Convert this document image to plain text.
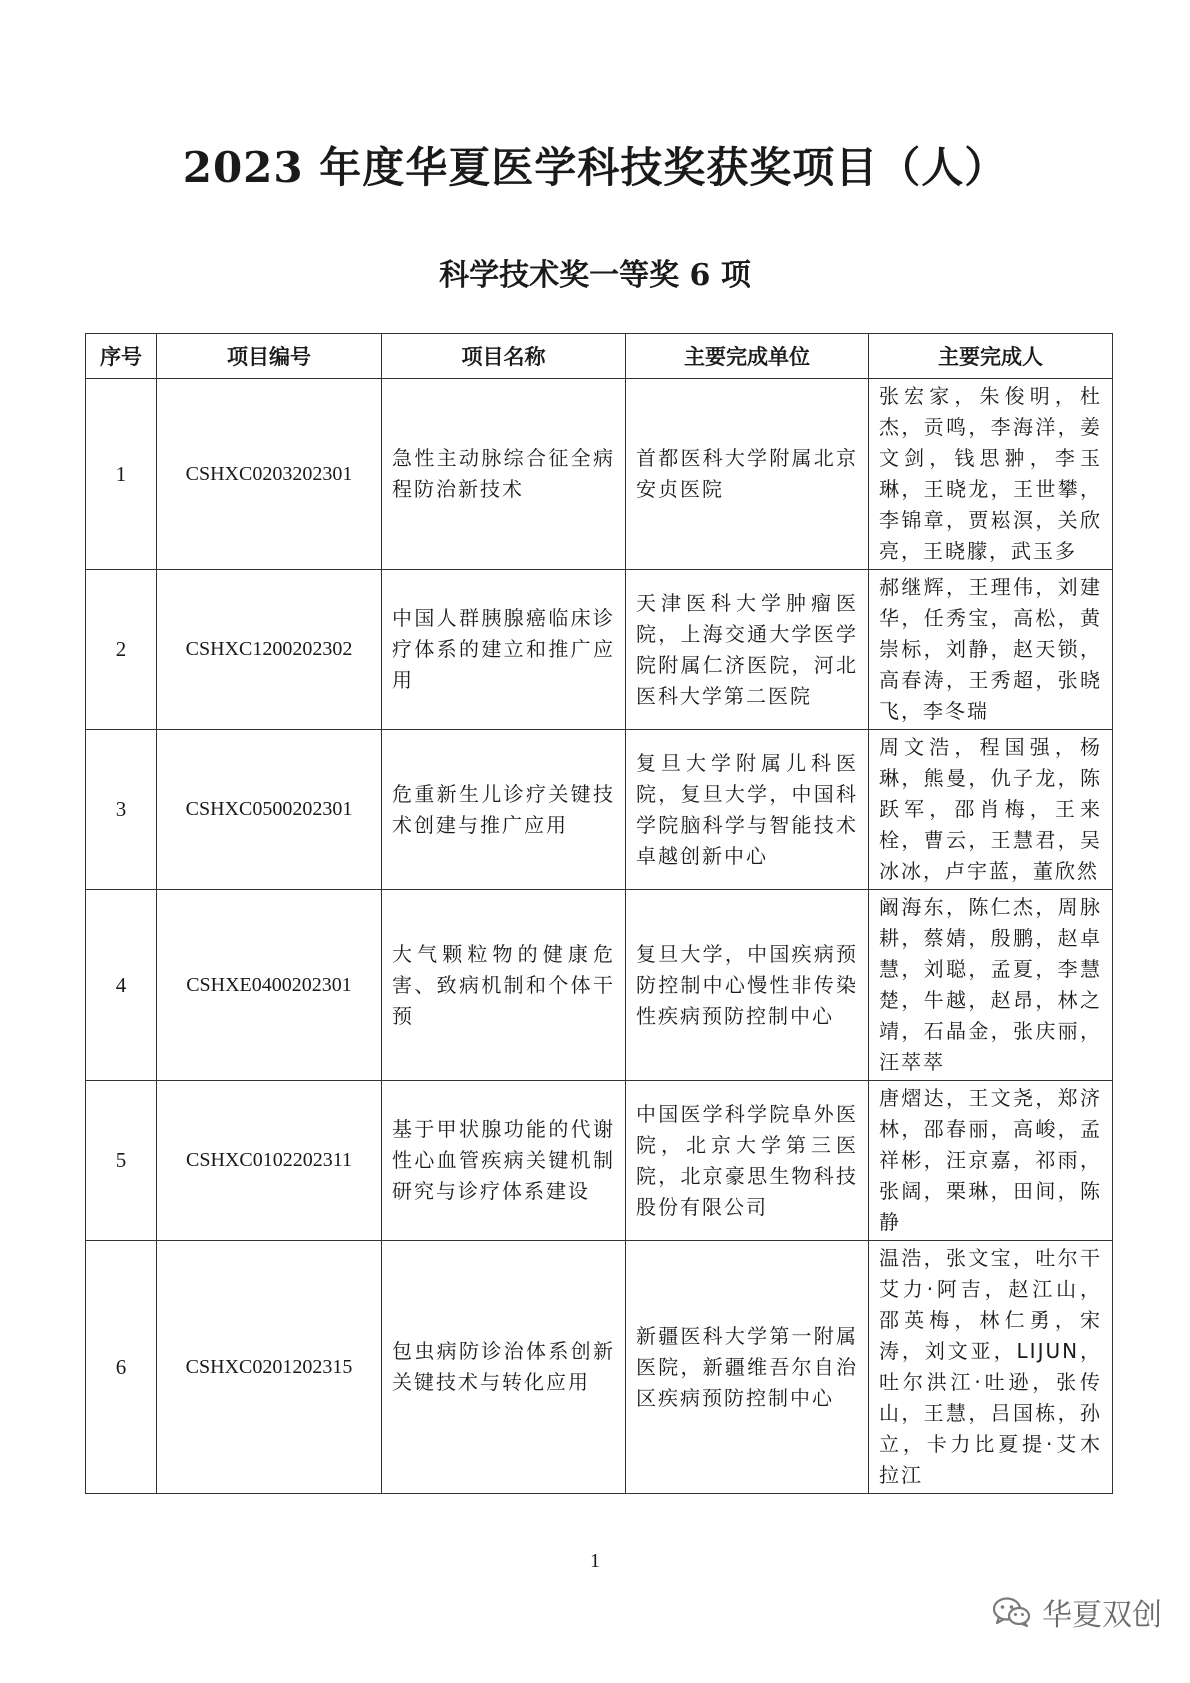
2023 年度华夏医学科技奖获奖项目（人）
科学技术奖一等奖 6 项
序号	项目编号	项目名称	主要完成单位	主要完成人
1	CSHXC0203202301	急性主动脉综合征全病程防治新技术	首都医科大学附属北京安贞医院	张宏家，朱俊明，杜杰，贡鸣，李海洋，姜文剑，钱思翀，李玉琳，王晓龙，王世攀，李锦章，贾崧溟，关欣亮，王晓朦，武玉多
2	CSHXC1200202302	中国人群胰腺癌临床诊疗体系的建立和推广应用	天津医科大学肿瘤医院，上海交通大学医学院附属仁济医院，河北医科大学第二医院	郝继辉，王理伟，刘建华，任秀宝，高松，黄崇标，刘静，赵天锁，高春涛，王秀超，张晓飞，李冬瑞
3	CSHXC0500202301	危重新生儿诊疗关键技术创建与推广应用	复旦大学附属儿科医院，复旦大学，中国科学院脑科学与智能技术卓越创新中心	周文浩，程国强，杨琳，熊曼，仇子龙，陈跃军，邵肖梅，王来栓，曹云，王慧君，吴冰冰，卢宇蓝，董欣然
4	CSHXE0400202301	大气颗粒物的健康危害、致病机制和个体干预	复旦大学，中国疾病预防控制中心慢性非传染性疾病预防控制中心	阚海东，陈仁杰，周脉耕，蔡婧，殷鹏，赵卓慧，刘聪，孟夏，李慧楚，牛越，赵昂，林之靖，石晶金，张庆丽，汪萃萃
5	CSHXC0102202311	基于甲状腺功能的代谢性心血管疾病关键机制研究与诊疗体系建设	中国医学科学院阜外医院，北京大学第三医院，北京豪思生物科技股份有限公司	唐熠达，王文尧，郑济林，邵春丽，高峻，孟祥彬，汪京嘉，祁雨，张阔，栗琳，田间，陈静
6	CSHXC0201202315	包虫病防诊治体系创新关键技术与转化应用	新疆医科大学第一附属医院，新疆维吾尔自治区疾病预防控制中心	温浩，张文宝，吐尔干艾力·阿吉，赵江山，邵英梅，林仁勇，宋涛，刘文亚，LIJUN，吐尔洪江·吐逊，张传山，王慧，吕国栋，孙立，卡力比夏提·艾木拉江
1
华夏双创
